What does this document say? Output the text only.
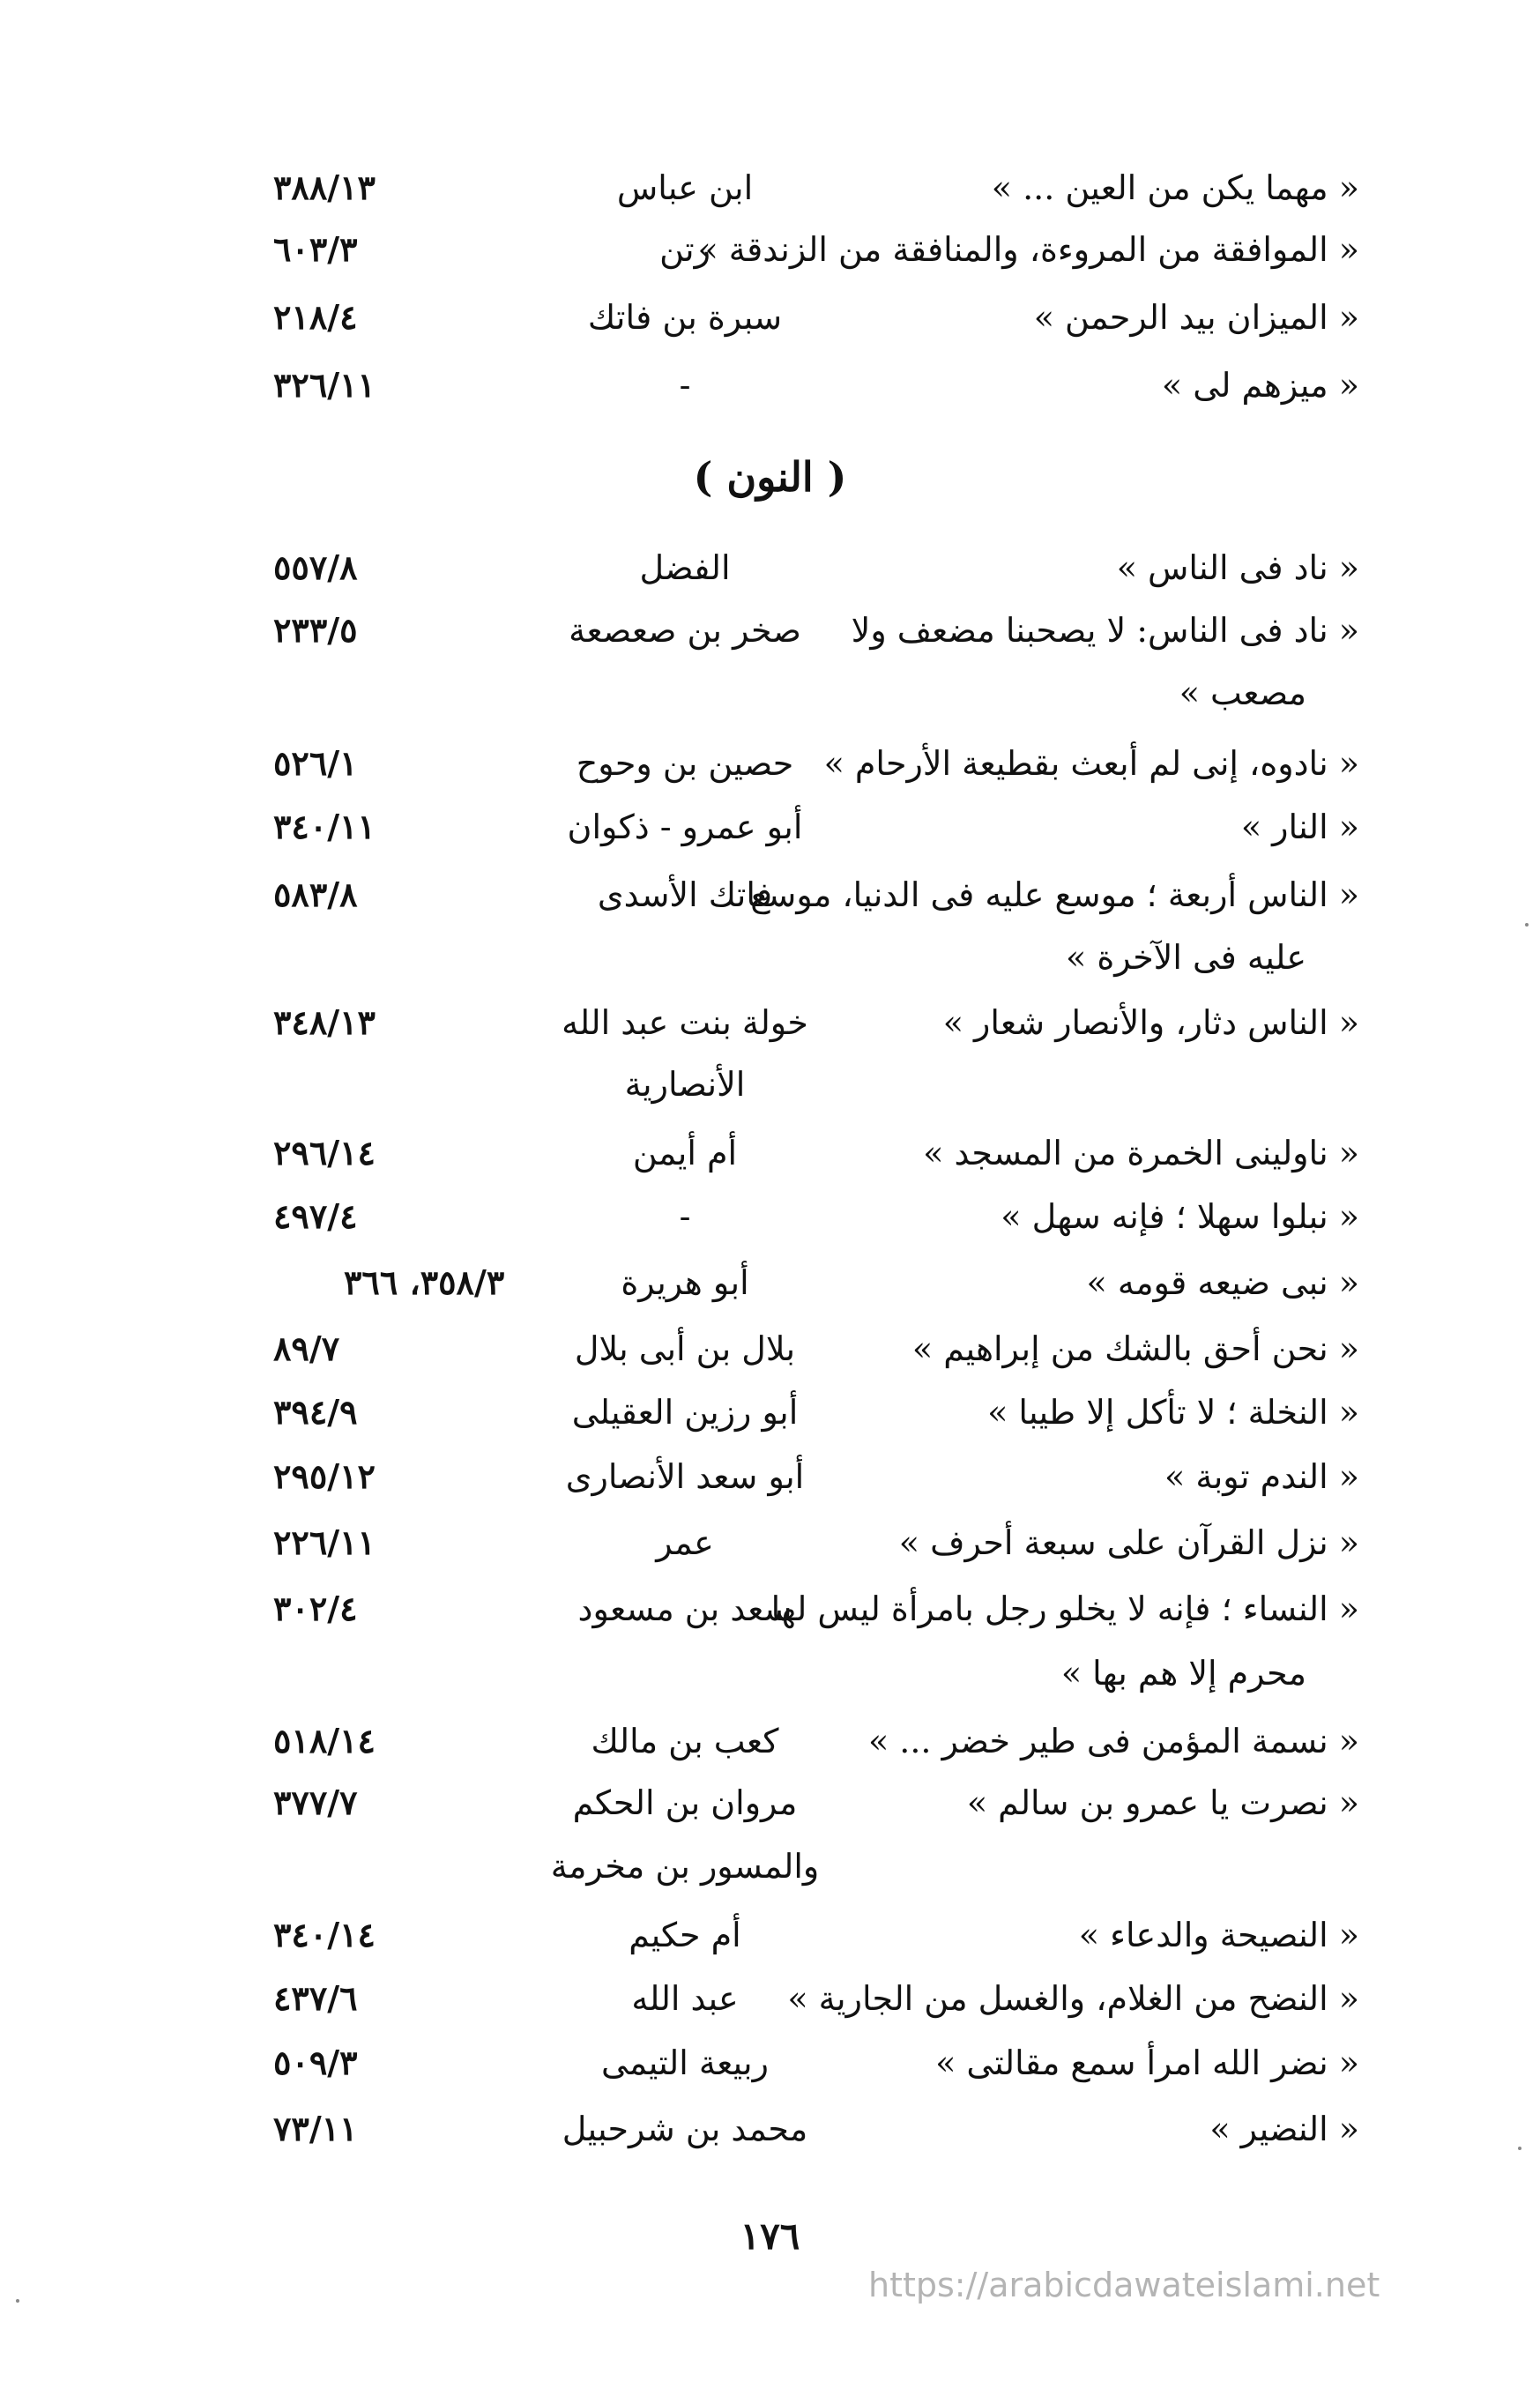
« مهما يكن من العين ... »
ابن عباس
٣٨٨/١٣
« الموافقة من المروءة، والمنافقة من الزندقة »
رتن
٦٠٣/٣
« الميزان بيد الرحمن »
سبرة بن فاتك
٢١٨/٤
« ميزهم لى »
-
٣٢٦/١١
( النون )
« ناد فى الناس »
الفضل
٥٥٧/٨
« ناد فى الناس: لا يصحبنا مضعف ولا
صخر بن صعصعة
٢٣٣/٥
مصعب »
« نادوه، إنى لم أبعث بقطيعة الأرحام »
حصين بن وحوح
٥٢٦/١
« النار »
أبو عمرو - ذكوان
٣٤٠/١١
« الناس أربعة ؛ موسع عليه فى الدنيا، موسع
فاتك الأسدى
٥٨٣/٨
عليه فى الآخرة »
« الناس دثار، والأنصار شعار »
خولة بنت عبد الله
٣٤٨/١٣
الأنصارية
« ناولينى الخمرة من المسجد »
أم أيمن
٢٩٦/١٤
« نبلوا سهلا ؛ فإنه سهل »
-
٤٩٧/٤
« نبى ضيعه قومه »
أبو هريرة
٣٥٨/٣، ٣٦٦
« نحن أحق بالشك من إبراهيم »
بلال بن أبى بلال
٨٩/٧
« النخلة ؛ لا تأكل إلا طيبا »
أبو رزين العقيلى
٣٩٤/٩
« الندم توبة »
أبو سعد الأنصارى
٢٩٥/١٢
« نزل القرآن على سبعة أحرف »
عمر
٢٢٦/١١
« النساء ؛ فإنه لا يخلو رجل بامرأة ليس لها
سعد بن مسعود
٣٠٢/٤
محرم إلا هم بها »
« نسمة المؤمن فى طير خضر ... »
كعب بن مالك
٥١٨/١٤
« نصرت يا عمرو بن سالم »
مروان بن الحكم
٣٧٧/٧
والمسور بن مخرمة
« النصيحة والدعاء »
أم حكيم
٣٤٠/١٤
« النضح من الغلام، والغسل من الجارية »
عبد الله
٤٣٧/٦
« نضر الله امرأ سمع مقالتى »
ربيعة التيمى
٥٠٩/٣
« النضير »
محمد بن شرحبيل
٧٣/١١
١٧٦
https://arabicdawateislami.net
